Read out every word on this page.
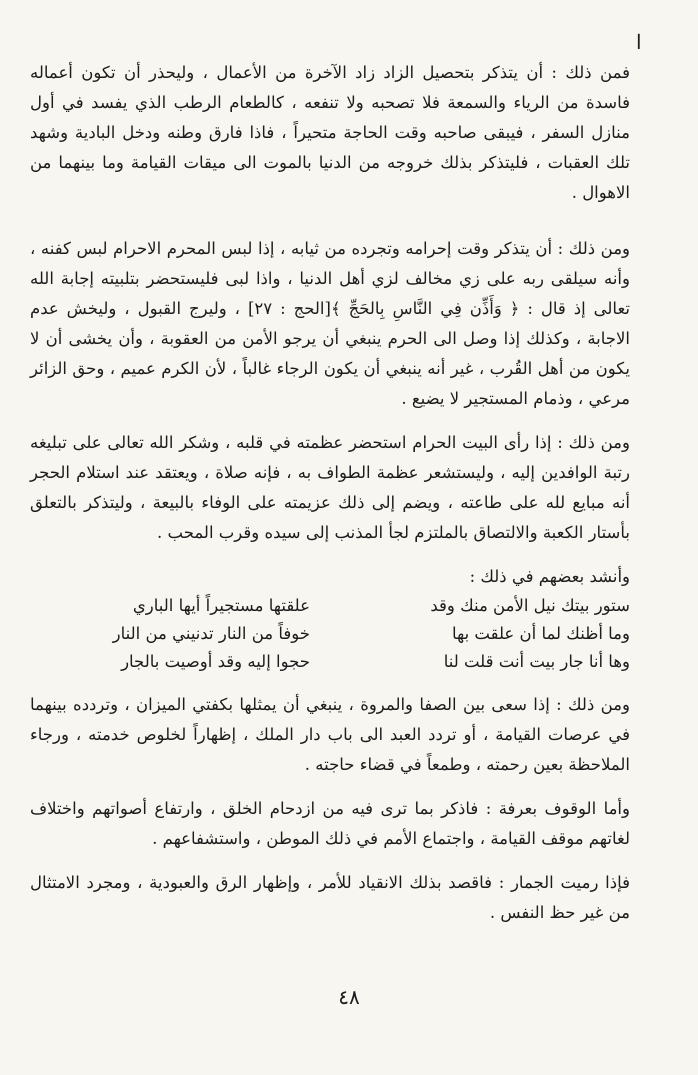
ا

فمن ذلك : أن يتذكر بتحصيل الزاد زاد الآخرة من الأعمال ، وليحذر أن تكون أعماله فاسدة من الرياء والسمعة فلا تصحبه ولا تنفعه ، كالطعام الرطب الذي يفسد في أول منازل السفر ، فيبقى صاحبه وقت الحاجة متحيراً ، فاذا فارق وطنه ودخل البادية وشهد تلك العقبات ، فليتذكر بذلك خروجه من الدنيا بالموت الى ميقات القيامة وما بينهما من الاهوال .

ومن ذلك : أن يتذكر وقت إحرامه وتجرده من ثيابه ، إذا لبس المحرم الاحرام لبس كفنه ، وأنه سيلقى ربه على زي مخالف لزي أهل الدنيا ، واذا لبى فليستحضر بتلبيته إجابة الله تعالى إذ قال : ﴿ وَأَذِّن فِي النَّاسِ بِالحَجِّ ﴾[الحج : ٢٧] ، وليرج القبول ، وليخش عدم الاجابة ، وكذلك إذا وصل الى الحرم ينبغي أن يرجو الأمن من العقوبة ، وأن يخشى أن لا يكون من أهل القُرب ، غير أنه ينبغي أن يكون الرجاء غالباً ، لأن الكرم عميم ، وحق الزائر مرعي ، وذمام المستجير لا يضيع .

ومن ذلك : إذا رأى البيت الحرام استحضر عظمته في قلبه ، وشكر الله تعالى على تبليغه رتبة الوافدين إليه ، وليستشعر عظمة الطواف به ، فإنه صلاة ، ويعتقد عند استلام الحجر أنه مبايع لله على طاعته ، ويضم إلى ذلك عزيمته على الوفاء بالبيعة ، وليتذكر بالتعلق بأستار الكعبة والالتصاق بالملتزم لجأ المذنب إلى سيده وقرب المحب .

وأنشد بعضهم في ذلك :

ستور بيتك نيل الأمن منك وقد
علقتها مستجيراً أيها الباري
وما أظنك لما أن علقت بها
خوفاً من النار تدنيني من النار
وها أنا جار بيت أنت قلت لنا
حجوا إليه وقد أوصيت بالجار

ومن ذلك : إذا سعى بين الصفا والمروة ، ينبغي أن يمثلها بكفتي الميزان ، وتردده بينهما في عرصات القيامة ، أو تردد العبد الى باب دار الملك ، إظهاراً لخلوص خدمته ، ورجاء الملاحظة بعين رحمته ، وطمعاً في قضاء حاجته .

وأما الوقوف بعرفة : فاذكر بما ترى فيه من ازدحام الخلق ، وارتفاع أصواتهم واختلاف لغاتهم موقف القيامة ، واجتماع الأمم في ذلك الموطن ، واستشفاعهم .

فإذا رميت الجمار : فاقصد بذلك الانقياد للأمر ، وإظهار الرق والعبودية ، ومجرد الامتثال من غير حظ النفس .

٤٨
